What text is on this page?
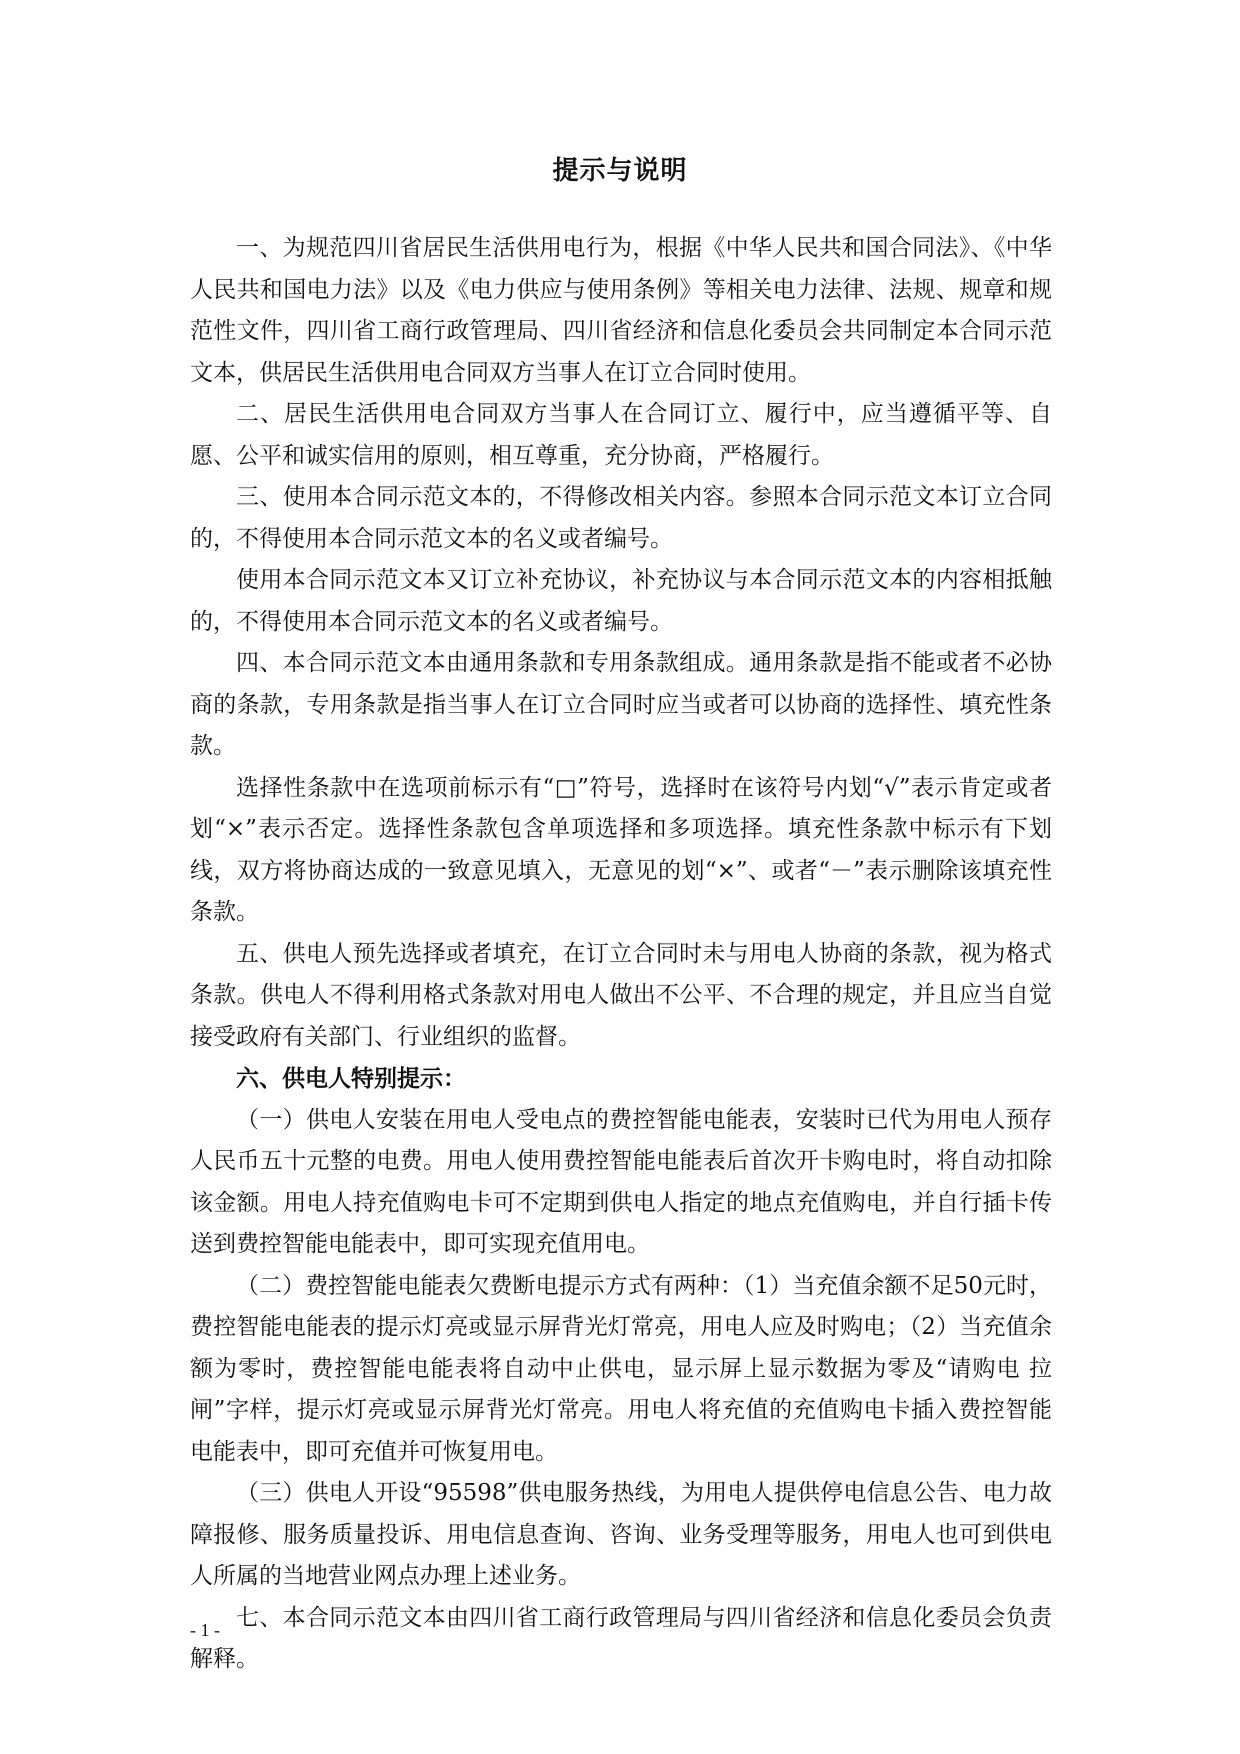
提示与说明

一、为规范四川省居民生活供用电行为，根据《中华人民共和国合同法》、《中华人民共和国电力法》以及《电力供应与使用条例》等相关电力法律、法规、规章和规范性文件，四川省工商行政管理局、四川省经济和信息化委员会共同制定本合同示范文本，供居民生活供用电合同双方当事人在订立合同时使用。

二、居民生活供用电合同双方当事人在合同订立、履行中，应当遵循平等、自愿、公平和诚实信用的原则，相互尊重，充分协商，严格履行。

三、使用本合同示范文本的，不得修改相关内容。参照本合同示范文本订立合同的，不得使用本合同示范文本的名义或者编号。

使用本合同示范文本又订立补充协议，补充协议与本合同示范文本的内容相抵触的，不得使用本合同示范文本的名义或者编号。

四、本合同示范文本由通用条款和专用条款组成。通用条款是指不能或者不必协商的条款，专用条款是指当事人在订立合同时应当或者可以协商的选择性、填充性条款。

选择性条款中在选项前标示有“□”符号，选择时在该符号内划“√”表示肯定或者划“×”表示否定。选择性条款包含单项选择和多项选择。填充性条款中标示有下划线，双方将协商达成的一致意见填入，无意见的划“×”、或者“－”表示删除该填充性条款。

五、供电人预先选择或者填充，在订立合同时未与用电人协商的条款，视为格式条款。供电人不得利用格式条款对用电人做出不公平、不合理的规定，并且应当自觉接受政府有关部门、行业组织的监督。

六、供电人特别提示：

（一）供电人安装在用电人受电点的费控智能电能表，安装时已代为用电人预存人民币五十元整的电费。用电人使用费控智能电能表后首次开卡购电时，将自动扣除该金额。用电人持充值购电卡可不定期到供电人指定的地点充值购电，并自行插卡传送到费控智能电能表中，即可实现充值用电。

（二）费控智能电能表欠费断电提示方式有两种：（1）当充值余额不足50元时，费控智能电能表的提示灯亮或显示屏背光灯常亮，用电人应及时购电；（2）当充值余额为零时，费控智能电能表将自动中止供电，显示屏上显示数据为零及“请购电 拉闸”字样，提示灯亮或显示屏背光灯常亮。用电人将充值的充值购电卡插入费控智能电能表中，即可充值并可恢复用电。

（三）供电人开设“95598”供电服务热线，为用电人提供停电信息公告、电力故障报修、服务质量投诉、用电信息查询、咨询、业务受理等服务，用电人也可到供电人所属的当地营业网点办理上述业务。

七、本合同示范文本由四川省工商行政管理局与四川省经济和信息化委员会负责解释。

- 1 -
